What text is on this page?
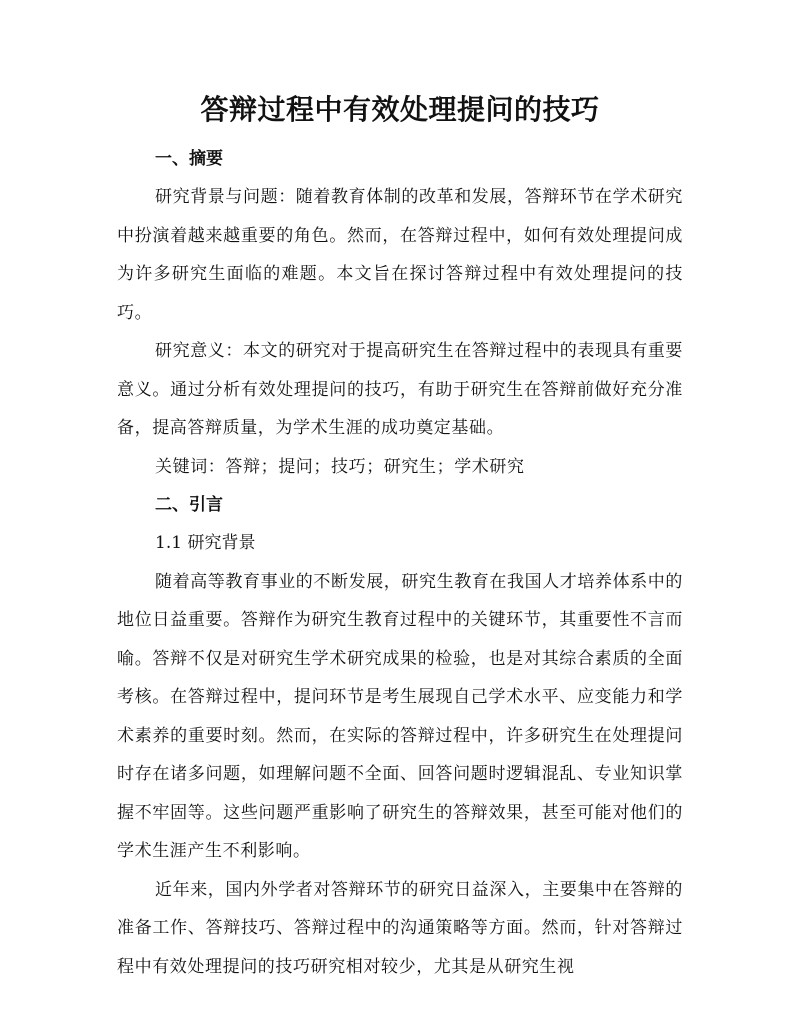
答辩过程中有效处理提问的技巧
一、摘要

研究背景与问题：随着教育体制的改革和发展，答辩环节在学术研究中扮演着越来越重要的角色。然而，在答辩过程中，如何有效处理提问成为许多研究生面临的难题。本文旨在探讨答辩过程中有效处理提问的技巧。

研究意义：本文的研究对于提高研究生在答辩过程中的表现具有重要意义。通过分析有效处理提问的技巧，有助于研究生在答辩前做好充分准备，提高答辩质量，为学术生涯的成功奠定基础。

关键词：答辩；提问；技巧；研究生；学术研究

二、引言

1.1 研究背景

随着高等教育事业的不断发展，研究生教育在我国人才培养体系中的地位日益重要。答辩作为研究生教育过程中的关键环节，其重要性不言而喻。答辩不仅是对研究生学术研究成果的检验，也是对其综合素质的全面考核。在答辩过程中，提问环节是考生展现自己学术水平、应变能力和学术素养的重要时刻。然而，在实际的答辩过程中，许多研究生在处理提问时存在诸多问题，如理解问题不全面、回答问题时逻辑混乱、专业知识掌握不牢固等。这些问题严重影响了研究生的答辩效果，甚至可能对他们的学术生涯产生不利影响。

近年来，国内外学者对答辩环节的研究日益深入，主要集中在答辩的准备工作、答辩技巧、答辩过程中的沟通策略等方面。然而，针对答辩过程中有效处理提问的技巧研究相对较少，尤其是从研究生视
